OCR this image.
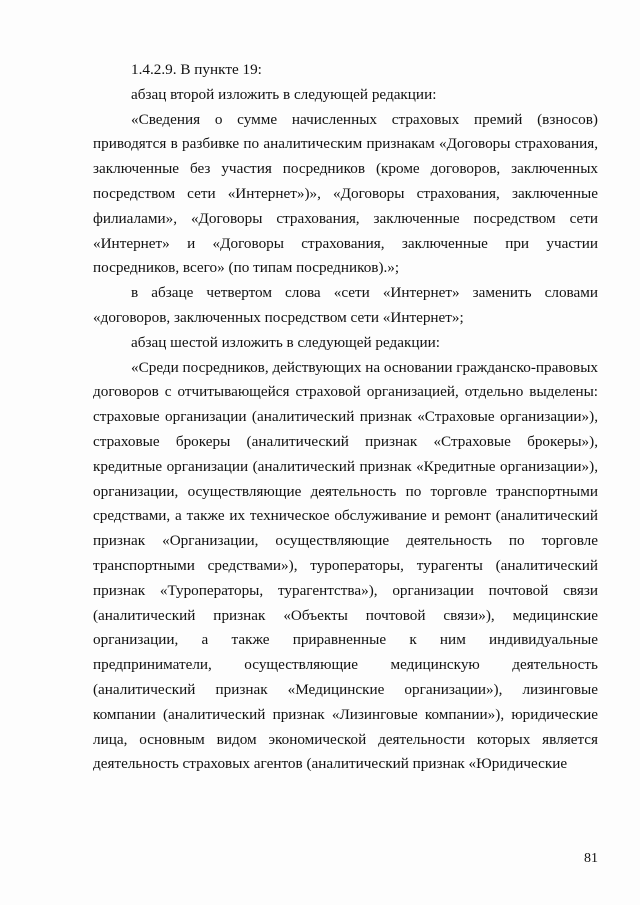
1.4.2.9. В пункте 19:

абзац второй изложить в следующей редакции:

«Сведения о сумме начисленных страховых премий (взносов) приводятся в разбивке по аналитическим признакам «Договоры страхования, заключенные без участия посредников (кроме договоров, заключенных посредством сети «Интернет»)», «Договоры страхования, заключенные филиалами», «Договоры страхования, заключенные посредством сети «Интернет» и «Договоры страхования, заключенные при участии посредников, всего» (по типам посредников).»;

в абзаце четвертом слова «сети «Интернет» заменить словами «договоров, заключенных посредством сети «Интернет»;

абзац шестой изложить в следующей редакции:

«Среди посредников, действующих на основании гражданско-правовых договоров с отчитывающейся страховой организацией, отдельно выделены: страховые организации (аналитический признак «Страховые организации»), страховые брокеры (аналитический признак «Страховые брокеры»), кредитные организации (аналитический признак «Кредитные организации»), организации, осуществляющие деятельность по торговле транспортными средствами, а также их техническое обслуживание и ремонт (аналитический признак «Организации, осуществляющие деятельность по торговле транспортными средствами»), туроператоры, турагенты (аналитический признак «Туроператоры, турагентства»), организации почтовой связи (аналитический признак «Объекты почтовой связи»), медицинские организации, а также приравненные к ним индивидуальные предприниматели, осуществляющие медицинскую деятельность (аналитический признак «Медицинские организации»), лизинговые компании (аналитический признак «Лизинговые компании»), юридические лица, основным видом экономической деятельности которых является деятельность страховых агентов (аналитический признак «Юридические

81
